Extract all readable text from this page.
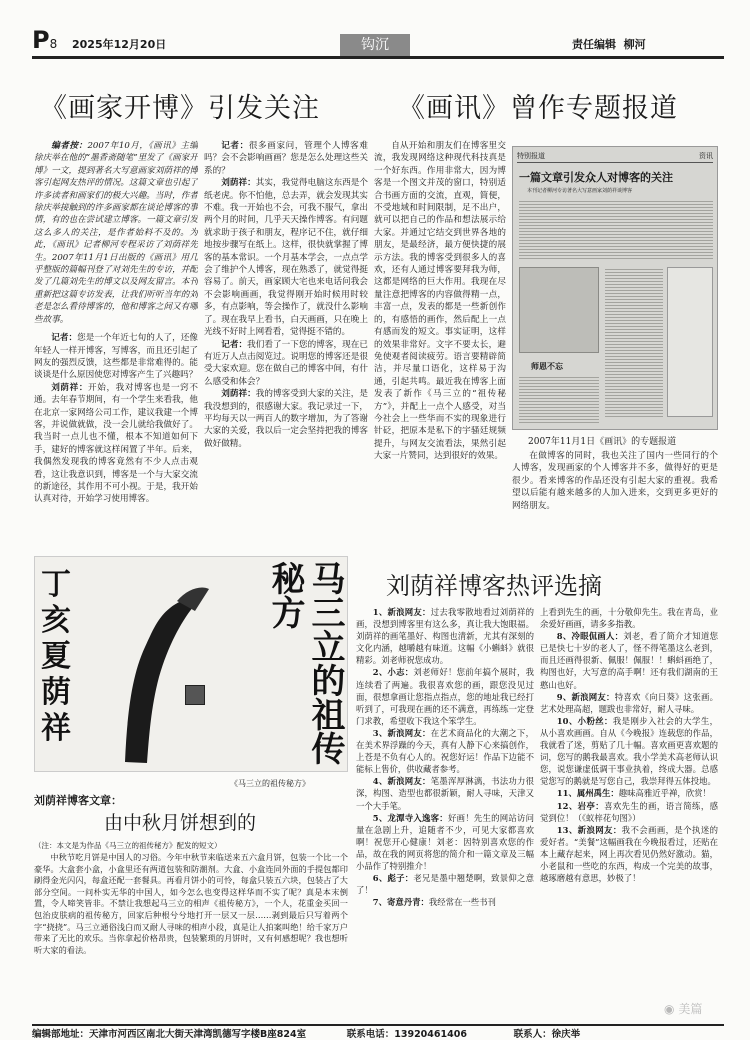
P8 2025年12月20日	钩沉	责任编辑 柳河
《画家开博》引发关注	《画讯》曾作专题报道

编者按：2007年10月，《画讯》主编徐庆举在他的“墨香斋随笔”里发了《画家开博》一文，提到著名大写意画家刘荫祥的博客引起网友热评的情况。这篇文章也引起了许多读者和画家们的极大兴趣。当时，作者徐庆举接触到的许多画家都在谈论博客的事情，有的也在尝试建立博客。一篇文章引发这么多人的关注，是作者始料不及的。为此，《画讯》记者柳河专程采访了刘荫祥先生。2007年11月1日出版的《画讯》用几乎整版的篇幅刊登了对刘先生的专访，并配发了几篇刘先生的博文以及网友留言。本刊重新把这篇专访发表，让我们听听当年的刘老是怎么看待博客的，他和博客之间又有哪些故事。

记者：您是一个年近七旬的人了，还像年轻人一样开博客，写博客，而且还引起了网友的强烈反馈，这些都是非常难得的。能谈谈是什么原因使您对博客产生了兴趣吗？

刘荫祥：开始，我对博客也是一窍不通。去年春节期间，有一个学生来看我，他在北京一家网络公司工作，建议我建一个博客，并说做就做，没一会儿就给我做好了。我当时一点儿也不懂，根本不知道如何下手，建好的博客就这样闲置了半年。后来，我偶然发现我的博客竟然有不少人点击观看，这让我意识到，博客是一个与大家交流的新途径，其作用不可小视。于是，我开始认真对待，开始学习使用博客。

记者：很多画家问，管理个人博客难吗？会不会影响画画？您是怎么处理这些关系的？

刘荫祥：其实，我觉得电脑这东西是个纸老虎。你不怕他，总去弄，就会发现其实不难。我一开始也不会，可我不服气，拿出两个月的时间，几乎天天操作博客。有问题就求助于孩子和朋友，程序记不住，就仔细地按步骤写在纸上。这样，很快就掌握了博客的基本常识。一个月基本学会，一点点学会了维护个人博客，现在熟悉了，就觉得挺容易了。前天，画家顾大宅也来电话问我会不会影响画画，我觉得刚开始时候用时较多，有点影响，等会操作了，就没什么影响了。现在我早上看书，白天画画，只在晚上光线不好时上网看看，觉得挺不错的。

记者：我们看了一下您的博客，现在已有近万人点击阅览过。说明您的博客还是很受大家欢迎。您在做自己的博客中间，有什么感受和体会？

刘荫祥：我的博客受到大家的关注，是我没想到的，很感谢大家。我记录过一下，平均每天以一两百人的数字增加，为了答谢大家的关爱，我以后一定会坚持把我的博客做好做精。

自从开始和朋友们在博客里交流，我发现网络这种现代科技真是一个好东西。作用非常大，因为博客是一个图文并茂的窗口，特别适合书画方面的交流，直观，简便，不受地域和时间限制，足不出户，就可以把自己的作品和想法展示给大家。并通过它结交到世界各地的朋友，是最经济，最方便快捷的展示方法。我的博客受到很多人的喜欢，还有人通过博客要拜我为师，这都是网络的巨大作用。我现在尽量注意把博客的内容做得精一点，丰富一点，发表的都是一些新创作的，有感悟的画作，然后配上一点有感而发的短文。事实证明，这样的效果非常好。文字不要太长，避免使观者阅读疲劳。语言要精辟简洁，并尽量口语化，这样易于沟通，引起共鸣。最近我在博客上面发表了新作《马三立的“祖传秘方”》，并配上一点个人感受，对当今社会上一些华而不实的现象进行针砭，把原本是私下的宇骚廷规频提升，与网友交流看法，果然引起大家一片赞同，达到很好的效果。

特别报道	资讯
一篇文章引发众人对博客的关注
本刊记者柳河专访著名大写意画家刘荫祥谈博客
师恩不忘
2007年11月1日《画讯》的专题报道

在做博客的同时，我也关注了国内一些同行的个人博客，发现画家的个人博客并不多，做得好的更是很少。看来博客的作品还没有引起大家的重视。我希望以后能有越来越多的人加入进来，交到更多更好的网络朋友。

丁亥夏荫祥	马三立的祖传秘方
《马三立的祖传秘方》
刘荫祥博客文章：
由中秋月饼想到的
（注：本文是为作品《马三立的祖传秘方》配发的短文）

中秋节吃月饼是中国人的习俗。今年中秋节来临送来五六盒月饼，包装一个比一个豪华。大盒套小盒，小盒里还有两道包装和防潮剂。大盒、小盒连同外面的手提包都印刷得金光闪闪，每盒还配一套餐具。再看月饼小的可怜，每盒只装五六块，包装占了大部分空间。一问朴实无华的中国人，如今怎么也变得这样华而不实了呢？真是本末倒置，令人啼笑皆非。不禁让我想起马三立的相声《祖传秘方》，一个人，花重金买回一包治皮肤病的祖传秘方，回家后种根兮兮地打开一层又一层……剥到最后只写着两个字“挠挠”。马三立通俗浅白而又耐人寻味的相声小段，真是让人拍案叫绝！给千家万户带来了无比的欢乐。当你拿起价格昂贵，包装繁琐的月饼时，又有何感想呢？我也想听听大家的看法。

刘荫祥博客热评选摘

1、新浪网友：过去我零散地看过刘荫祥的画，没想到博客里有这么多，真让我大饱眼福。刘荫祥的画笔墨好、构图也清新，尤其有深刻的文化内涵，越嚼越有味道。这幅《小蝌蚪》就很精彩。刘老师祝您成功。

2、小志：刘老师好！您前年搞个展时，我连续看了两遍。我很喜欢您的画，跟您没见过面，很想拿画让您指点指点，您的地址我已经打听到了，可我现在画的还不满意，再练练一定登门求教，希望收下我这个笨学生。

3、新浪网友：在艺术商品化的大潮之下，在美术界浮躁的今天，真有人静下心来搞创作，上苍是不负有心人的。祝您好运！作品下边能不能标上售价，供收藏者参考。

4、新浪网友：笔墨浑厚淋漓，书法功力很深，构图、造型也都很新颖，耐人寻味，天津又一个大手笔。

5、龙潭寺入逸客：好画！先生的网站访问量在急剧上升，追随者不少，可见大家都喜欢啊！祝您开心健康！刘老：因特别喜欢您的作品，故在我的网页将您的简介和一篇文章及三幅小品作了特别推介！

6、彪子：老兄是墨中翘楚啊，致景仰之意了！

7、寄意丹青：我经常在一些书刊

上看到先生的画，十分敬仰先生。我在青岛，业余爱好画画，请多多指教。

8、冷眼侃画人：刘老，看了简介才知道您已是快七十岁的老人了，怪不得笔墨这么老到，而且还画得很新、佩服！佩服！！蝌蚪画绝了，构图也好，大写意的高手啊！还有我们湖南的王憨山也好。

9、新浪网友：特喜欢《向日葵》这张画。艺术处理高超，题跋也非常好，耐人寻味。

10、小粉丝：我是刚步入社会的大学生，从小喜欢画画。自从《今晚报》连载您的作品，我就看了迷，剪贴了几十幅。喜欢画更喜欢题的词，您写的鹅我最喜欢。我小学美术高老师认识您，说您谦虚低调干事业执着，终成大器。总感觉您写的鹅就是写您自己，我崇拜得五体投地。

11、属州禹生：趣味高雅近乎禅，欣赏！

12、岩亭：喜欢先生的画，语言简练，感觉到位！（《蚁梓花句图》）

13、新浪网友：我不会画画，是个执迷的爱好者。“美餐”这幅画我在今晚报看过，还贴在本上藏存起来，网上再次看见仍然好激动。猫，小老鼠和一些吃的东西，构成一个完美的故事，越琢磨越有意思，妙极了！

◉ 美篇
编辑部地址：天津市河西区南北大街天津湾凯德写字楼B座824室	联系电话：13920461406	联系人：徐庆举
